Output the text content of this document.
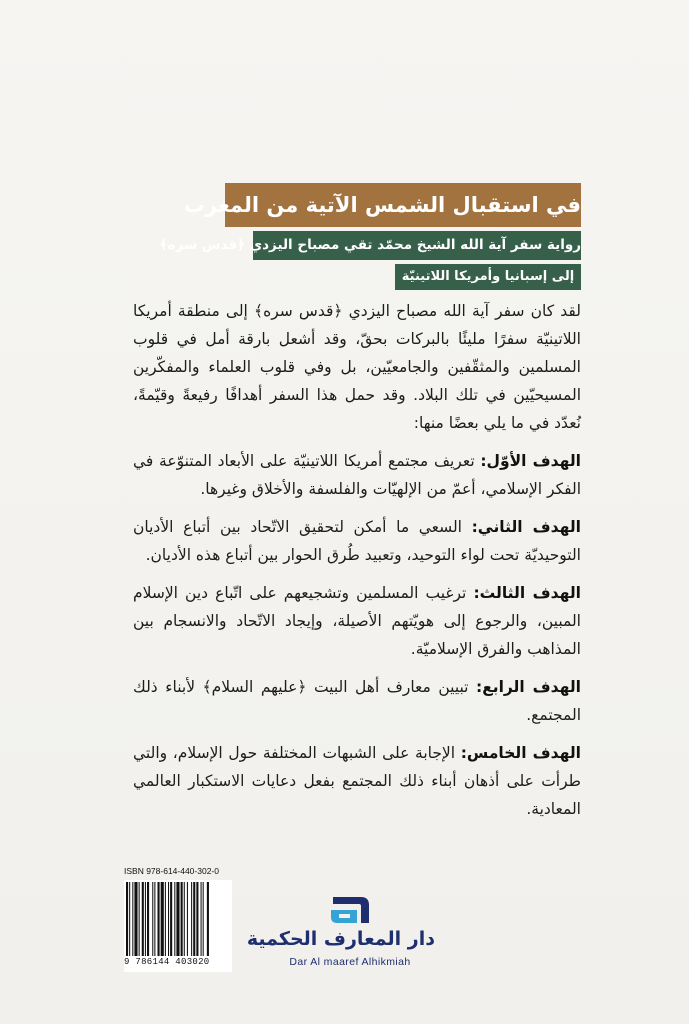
في استقبال الشمس الآتية من المغرب
رواية سفر آية الله الشيخ محمّد تقي مصباح اليزدي ﴿قدس سره﴾
إلى إسبانيا وأمريكا اللاتينيّة

لقد كان سفر آية الله مصباح اليزدي ﴿قدس سره﴾ إلى منطقة أمريكا اللاتينيّة سفرًا مليئًا بالبركات بحقّ، وقد أشعل بارقة أمل في قلوب المسلمين والمثقّفين والجامعيّين، بل وفي قلوب العلماء والمفكّرين المسيحيّين في تلك البلاد. وقد حمل هذا السفر أهدافًا رفيعةً وقيّمةً، نُعدّد في ما يلي بعضًا منها:

الهدف الأوّل: تعريف مجتمع أمريكا اللاتينيّة على الأبعاد المتنوّعة في الفكر الإسلامي، أعمّ من الإلهيّات والفلسفة والأخلاق وغيرها.

الهدف الثاني: السعي ما أمكن لتحقيق الاتّحاد بين أتباع الأديان التوحيديّة تحت لواء التوحيد، وتعبيد طُرق الحوار بين أتباع هذه الأديان.

الهدف الثالث: ترغيب المسلمين وتشجيعهم على اتّباع دين الإسلام المبين، والرجوع إلى هويّتهم الأصيلة، وإيجاد الاتّحاد والانسجام بين المذاهب والفرق الإسلاميّة.

الهدف الرابع: تبيين معارف أهل البيت ﴿عليهم السلام﴾ لأبناء ذلك المجتمع.

الهدف الخامس: الإجابة على الشبهات المختلفة حول الإسلام، والتي طرأت على أذهان أبناء ذلك المجتمع بفعل دعايات الاستكبار العالمي المعادية.

ISBN 978-614-440-302-0
9 786144 403020
دار المعارف الحكمية
Dar Al maaref Alhikmiah
